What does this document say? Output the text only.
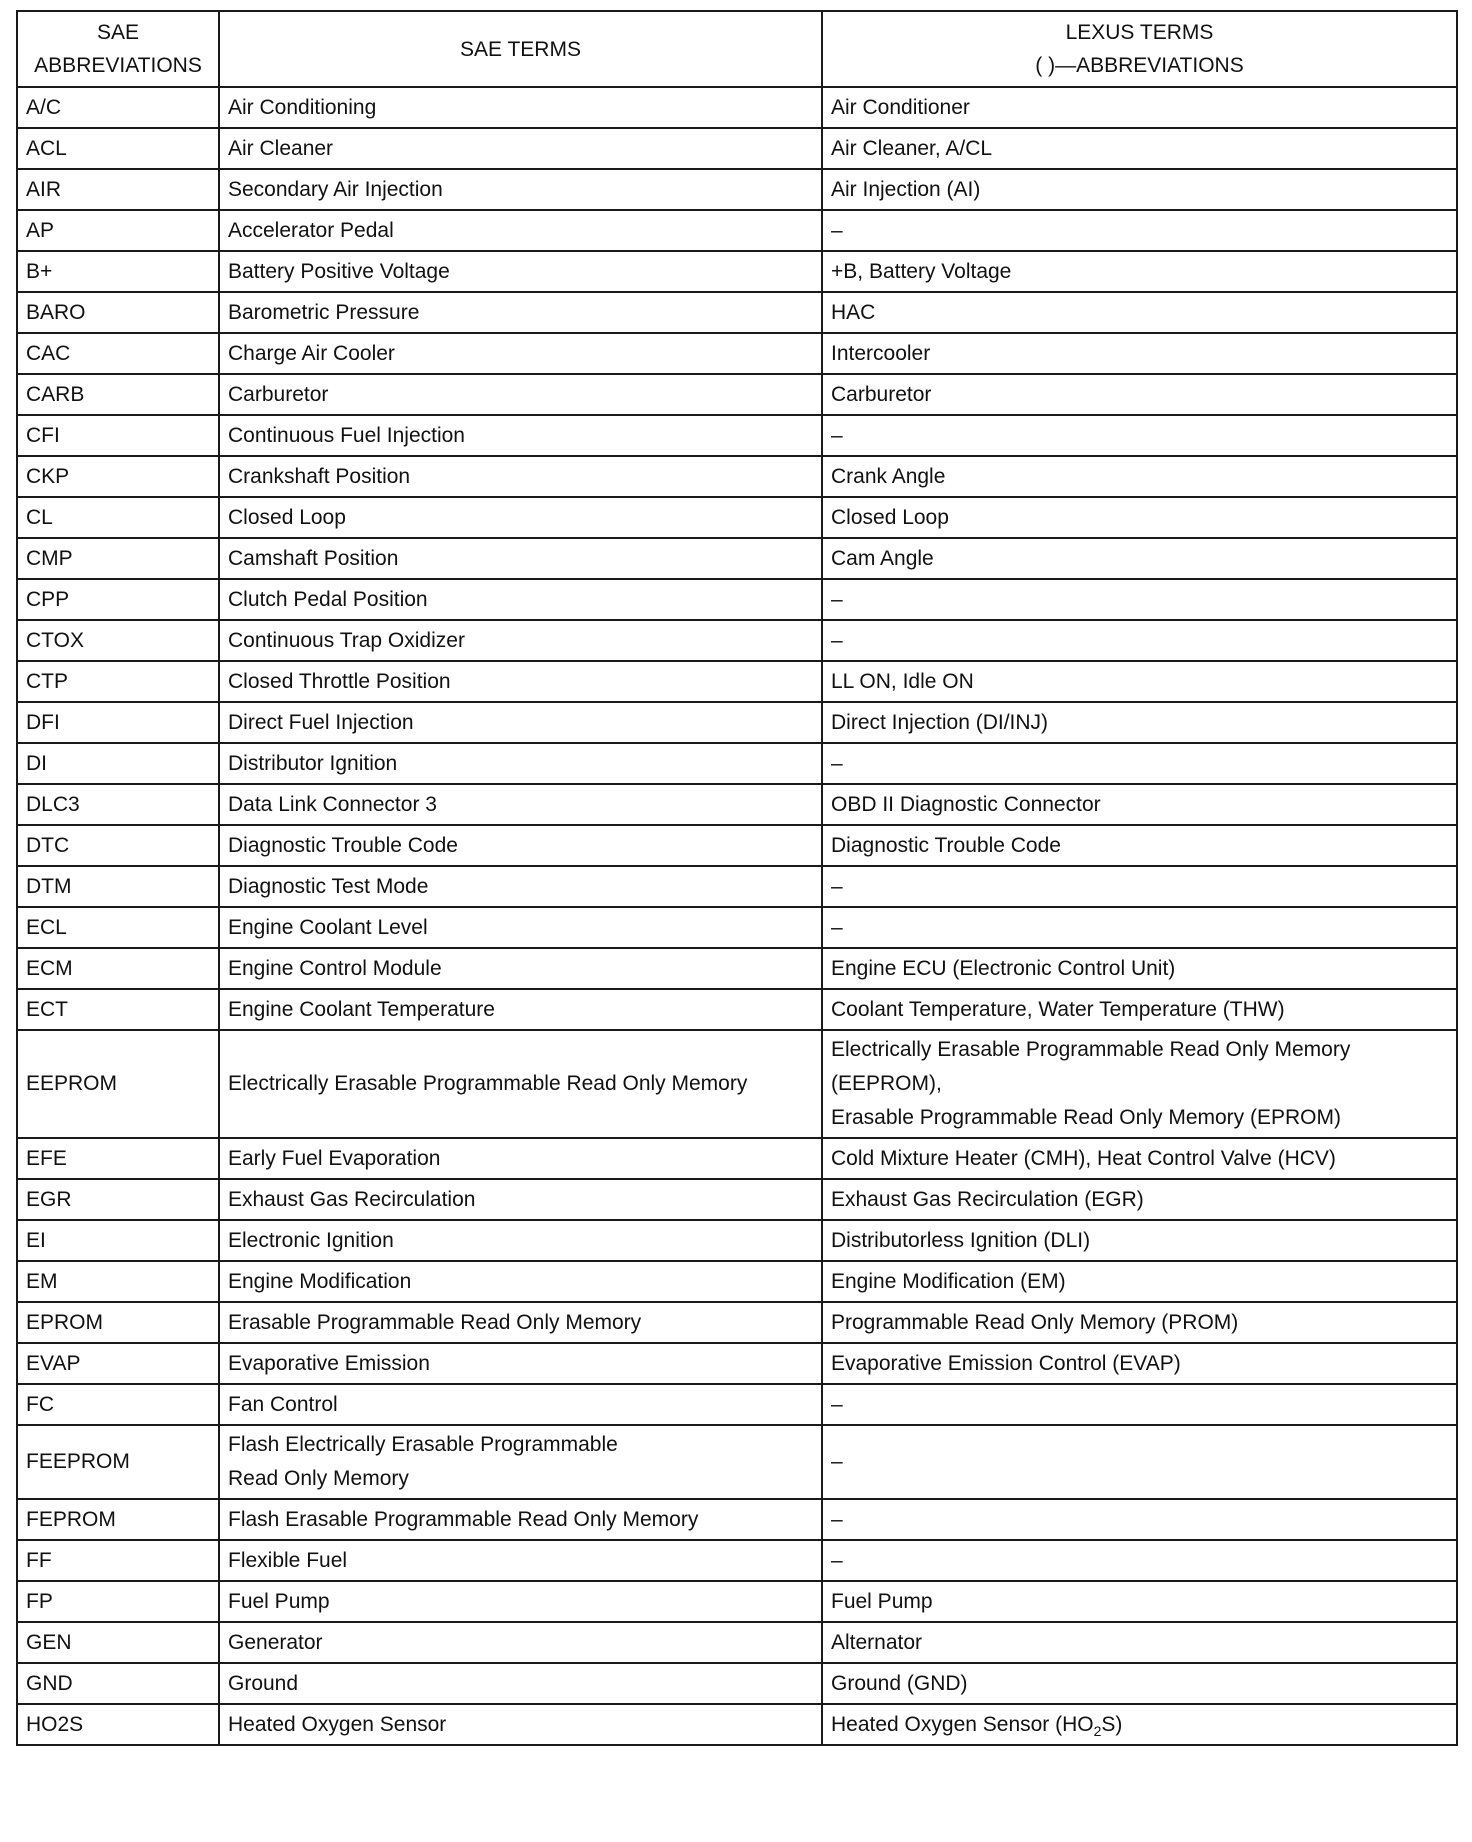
SAE
ABBREVIATIONS	SAE TERMS	LEXUS TERMS
( )—ABBREVIATIONS

A/C	Air Conditioning	Air Conditioner
ACL	Air Cleaner	Air Cleaner, A/CL
AIR	Secondary Air Injection	Air Injection (AI)
AP	Accelerator Pedal	–
B+	Battery Positive Voltage	+B, Battery Voltage
BARO	Barometric Pressure	HAC
CAC	Charge Air Cooler	Intercooler
CARB	Carburetor	Carburetor
CFI	Continuous Fuel Injection	–
CKP	Crankshaft Position	Crank Angle
CL	Closed Loop	Closed Loop
CMP	Camshaft Position	Cam Angle
CPP	Clutch Pedal Position	–
CTOX	Continuous Trap Oxidizer	–
CTP	Closed Throttle Position	LL ON, Idle ON
DFI	Direct Fuel Injection	Direct Injection (DI/INJ)
DI	Distributor Ignition	–
DLC3	Data Link Connector 3	OBD II Diagnostic Connector
DTC	Diagnostic Trouble Code	Diagnostic Trouble Code
DTM	Diagnostic Test Mode	–
ECL	Engine Coolant Level	–
ECM	Engine Control Module	Engine ECU (Electronic Control Unit)
ECT	Engine Coolant Temperature	Coolant Temperature, Water Temperature (THW)
EEPROM	Electrically Erasable Programmable Read Only Memory	Electrically Erasable Programmable Read Only Memory
(EEPROM),
Erasable Programmable Read Only Memory (EPROM)

EFE	Early Fuel Evaporation	Cold Mixture Heater (CMH), Heat Control Valve (HCV)
EGR	Exhaust Gas Recirculation	Exhaust Gas Recirculation (EGR)
EI	Electronic Ignition	Distributorless Ignition (DLI)
EM	Engine Modification	Engine Modification (EM)
EPROM	Erasable Programmable Read Only Memory	Programmable Read Only Memory (PROM)
EVAP	Evaporative Emission	Evaporative Emission Control (EVAP)
FC	Fan Control	–
FEEPROM	Flash Electrically Erasable Programmable
Read Only Memory	–
FEPROM	Flash Erasable Programmable Read Only Memory	–
FF	Flexible Fuel	–
FP	Fuel Pump	Fuel Pump
GEN	Generator	Alternator
GND	Ground	Ground (GND)
HO2S	Heated Oxygen Sensor	Heated Oxygen Sensor $(HO_2S)$
